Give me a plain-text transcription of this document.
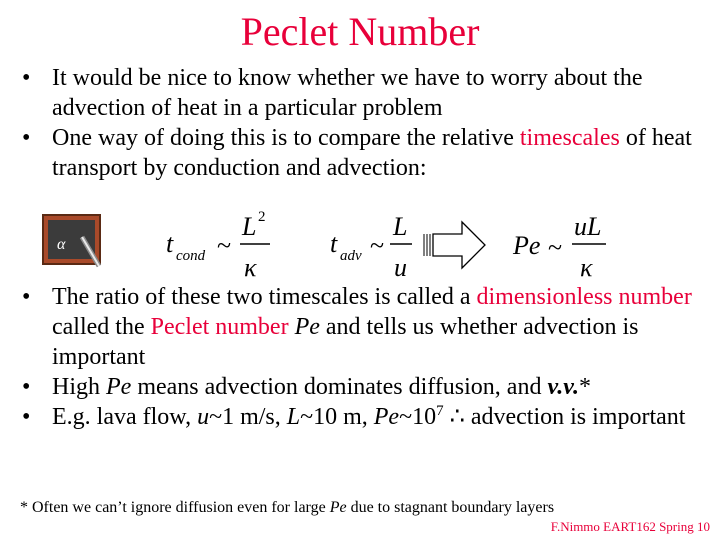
Peclet Number
• It would be nice to know whether we have to worry about the advection of heat in a particular problem
• One way of doing this is to compare the relative timescales of heat transport by conduction and advection:
α	t cond ~
L 2
κ
t adv ~
L
u
Pe ~
uL
κ
• The ratio of these two timescales is called a dimensionless number called the Peclet number Pe and tells us whether advection is important
• High Pe means advection dominates diffusion, and v.v.*
• E.g. lava flow, u~1 m/s, L~10 m, $Pe\sim 10^7$ ∴ advection is important
* Often we can’t ignore diffusion even for large Pe due to stagnant boundary layers
F.Nimmo EART162 Spring 10
